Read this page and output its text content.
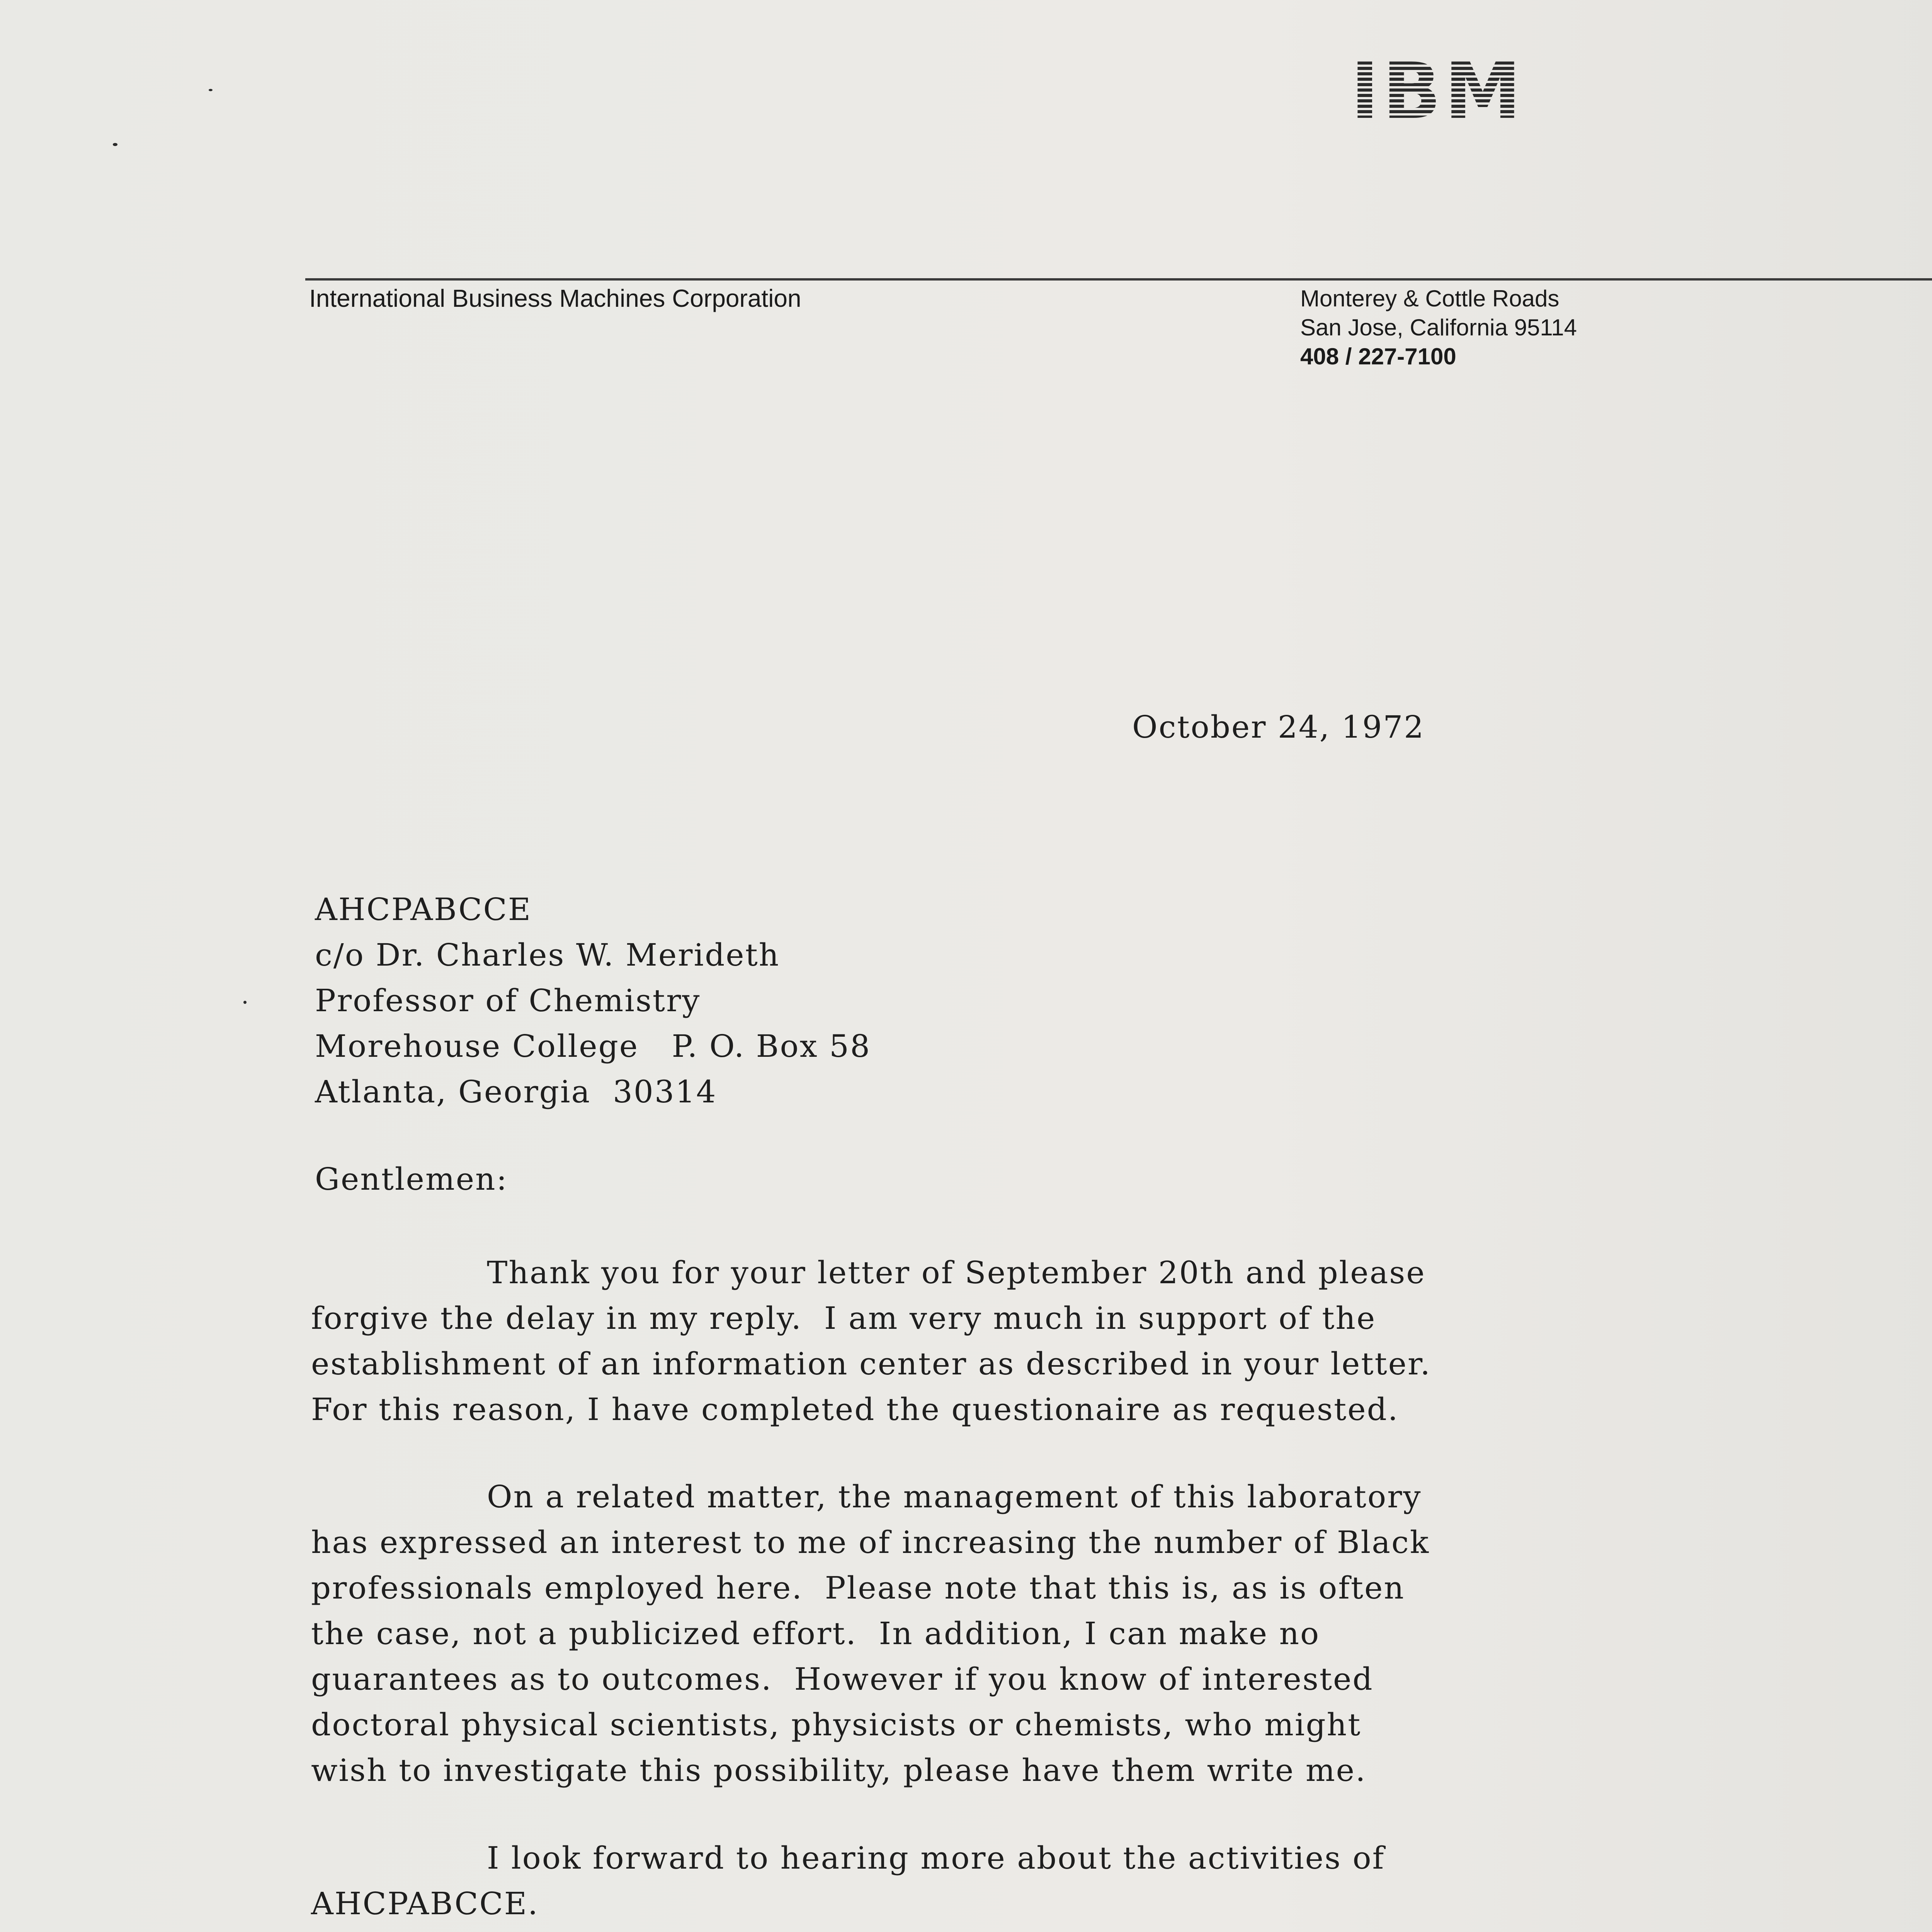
International Business Machines Corporation	Monterey & Cottle Roads
San Jose, California 95114
408 / 227-7100
October 24, 1972
AHCPABCCE
c/o Dr. Charles W. Merideth
Professor of Chemistry
Morehouse College   P. O. Box 58
Atlanta, Georgia  30314
Gentlemen:
Thank you for your letter of September 20th and please
forgive the delay in my reply.  I am very much in support of the
establishment of an information center as described in your letter.
For this reason, I have completed the questionaire as requested.
On a related matter, the management of this laboratory
has expressed an interest to me of increasing the number of Black
professionals employed here.  Please note that this is, as is often
the case, not a publicized effort.  In addition, I can make no
guarantees as to outcomes.  However if you know of interested
doctoral physical scientists, physicists or chemists, who might
wish to investigate this possibility, please have them write me.
I look forward to hearing more about the activities of
AHCPABCCE.
